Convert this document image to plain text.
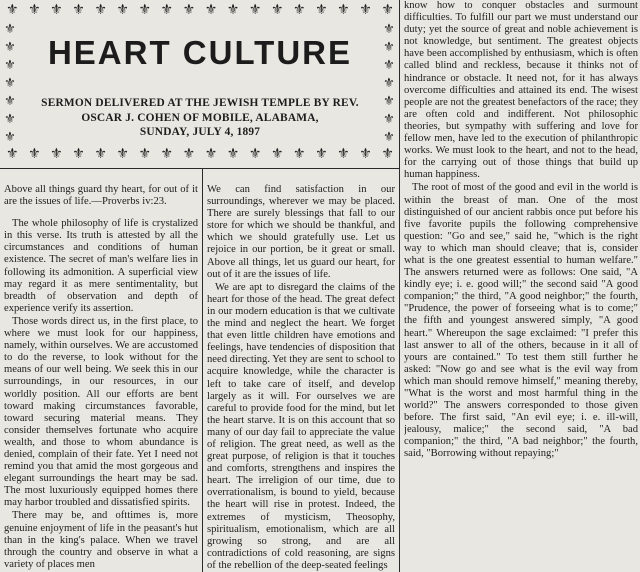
⚜ ⚜ ⚜ ⚜ ⚜ ⚜ ⚜ ⚜ ⚜ ⚜ ⚜ ⚜ ⚜ ⚜ ⚜ ⚜ ⚜ ⚜
⚜ ⚜ ⚜ ⚜ ⚜ ⚜ ⚜ ⚜ ⚜ ⚜ ⚜ ⚜ ⚜ ⚜ ⚜ ⚜ ⚜ ⚜
⚜
⚜
⚜
⚜
⚜
⚜
⚜
⚜
⚜
⚜
⚜
⚜
⚜
⚜
HEART CULTURE
SERMON DELIVERED AT THE JEWISH TEMPLE BY REV.
OSCAR J. COHEN OF MOBILE, ALABAMA,
SUNDAY, JULY 4, 1897

Above all things guard thy heart, for out of it are the issues of life.—Proverbs iv:23.

The whole philosophy of life is crystalized in this verse. Its truth is attested by all the circumstances and conditions of human existence. The secret of man's welfare lies in following its admonition. A superficial view may regard it as mere sentimentality, but breadth of observation and depth of experience verify its assertion.

Those words direct us, in the first place, to where we must look for our happiness, namely, within ourselves. We are accustomed to do the reverse, to look without for the means of our well being. We seek this in our surroundings, in our resources, in our worldly position. All our efforts are bent toward making circumstances favorable, toward securing material means. They consider themselves fortunate who acquire wealth, and those to whom abundance is denied, complain of their fate. Yet I need not remind you that amid the most gorgeous and elegant surroundings the heart may be sad. The most luxuriously equipped homes there may harbor troubled and dissatisfied spirits.

There may be, and ofttimes is, more genuine enjoyment of life in the peasant's hut than in the king's palace. When we travel through the country and observe in what a variety of places men

We can find satisfaction in our surroundings, wherever we may be placed. There are surely blessings that fall to our store for which we should be thankful, and which we should gratefully use. Let us rejoice in our portion, be it great or small. Above all things, let us guard our heart, for out of it are the issues of life.

We are apt to disregard the claims of the heart for those of the head. The great defect in our modern education is that we cultivate the mind and neglect the heart. We forget that even little children have emotions and feelings, have tendencies of disposition that need directing. Yet they are sent to school to acquire knowledge, while the character is left to take care of itself, and develop largely as it will. For ourselves we are careful to provide food for the mind, but let the heart starve. It is on this account that so many of our day fail to appreciate the value of religion. The great need, as well as the great purpose, of religion is that it touches and comforts, strengthens and inspires the heart. The irreligion of our time, due to overrationalism, is bound to yield, because the heart will rise in protest. Indeed, the extremes of mysticism, Theosophy, spiritualism, emotionalism, which are all growing so strong, and are all contradictions of cold reasoning, are signs of the rebellion of the deep-seated feelings

know how to conquer obstacles and surmount difficulties. To fulfill our part we must understand our duty; yet the source of great and noble achievement is not knowledge, but sentiment. The greatest objects have been accomplished by enthusiasm, which is often called blind and reckless, because it thinks not of hindrance or obstacle. It need not, for it has always overcome difficulties and attained its end. The wisest people are not the greatest benefactors of the race; they are often cold and indifferent. Not philosophic theories, but sympathy with suffering and love for fellow men, have led to the execution of philanthropic works. We must look to the heart, and not to the head, for the carrying out of those things that build up human happiness.

The root of most of the good and evil in the world is within the breast of man. One of the most distinguished of our ancient rabbis once put before his five favorite pupils the following comprehensive question: "Go and see," said he, "which is the right way to which man should cleave; that is, consider what is the one greatest essential to human welfare." The answers returned were as follows: One said, "A kindly eye; i. e. good will;" the second said "A good companion;" the third, "A good neighbor;" the fourth, "Prudence, the power of forseeing what is to come;" the fifth and youngest answered simply, "A good heart." Whereupon the sage exclaimed: "I prefer this last answer to all of the others, because in it all of yours are contained." To test them still further he asked: "Now go and see what is the evil way from which man should remove himself," meaning thereby, "What is the worst and most harmful thing in the world?" The answers corresponded to those given before. The first said, "An evil eye; i. e. ill-will, jealousy, malice;" the second said, "A bad companion;" the third, "A bad neighbor;" the fourth, said, "Borrowing without repaying;"
